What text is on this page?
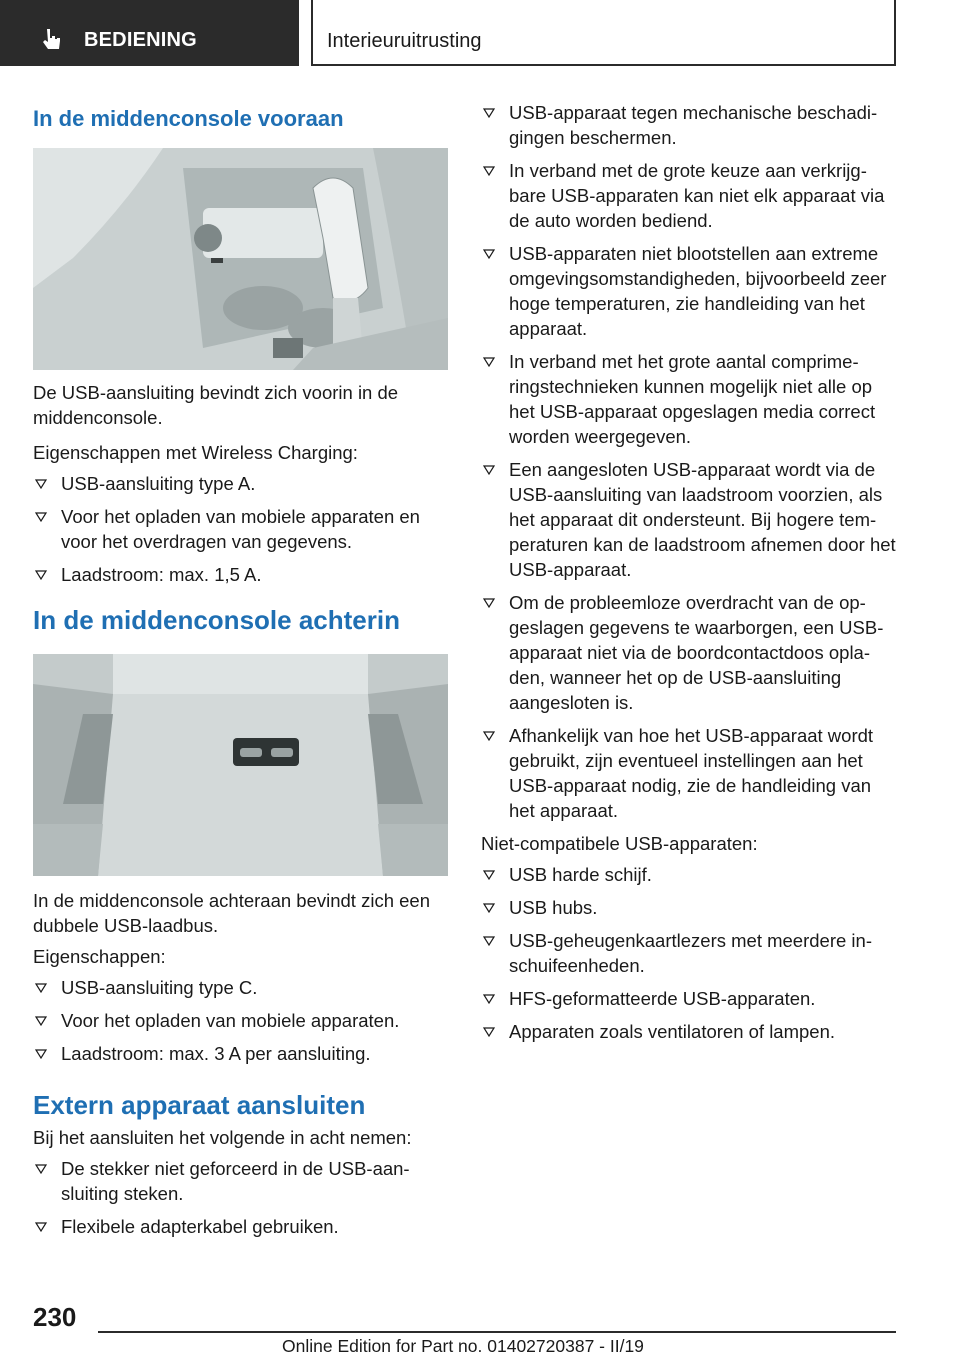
BEDIENING	Interieuruitrusting
In de middenconsole vooraan

De USB-aansluiting bevindt zich voorin in de middenconsole.

Eigenschappen met Wireless Charging:

USB-aansluiting type A.
Voor het opladen van mobiele apparaten en voor het overdragen van gegevens.
Laadstroom: max. 1,5 A.
In de middenconsole achterin

In de middenconsole achteraan bevindt zich een dubbele USB-laadbus.

Eigenschappen:

USB-aansluiting type C.
Voor het opladen van mobiele apparaten.
Laadstroom: max. 3 A per aansluiting.
Extern apparaat aansluiten

Bij het aansluiten het volgende in acht nemen:

De stekker niet geforceerd in de USB-aan-sluiting steken.
Flexibele adapterkabel gebruiken.
USB-apparaat tegen mechanische beschadi-gingen beschermen.
In verband met de grote keuze aan verkrijg-bare USB-apparaten kan niet elk apparaat via de auto worden bediend.
USB-apparaten niet blootstellen aan extreme omgevingsomstandigheden, bijvoorbeeld zeer hoge temperaturen, zie handleiding van het apparaat.
In verband met het grote aantal comprime-ringstechnieken kunnen mogelijk niet alle op het USB-apparaat opgeslagen media correct worden weergegeven.
Een aangesloten USB-apparaat wordt via de USB-aansluiting van laadstroom voorzien, als het apparaat dit ondersteunt. Bij hogere tem-peraturen kan de laadstroom afnemen door het USB-apparaat.
Om de probleemloze overdracht van de op-geslagen gegevens te waarborgen, een USB-apparaat niet via de boordcontactdoos opla-den, wanneer het op de USB-aansluiting aangesloten is.
Afhankelijk van hoe het USB-apparaat wordt gebruikt, zijn eventueel instellingen aan het USB-apparaat nodig, zie de handleiding van het apparaat.

Niet-compatibele USB-apparaten:

USB harde schijf.
USB hubs.
USB-geheugenkaartlezers met meerdere in-schuifeenheden.
HFS-geformatteerde USB-apparaten.
Apparaten zoals ventilatoren of lampen.
230
Online Edition for Part no. 01402720387 - II/19
